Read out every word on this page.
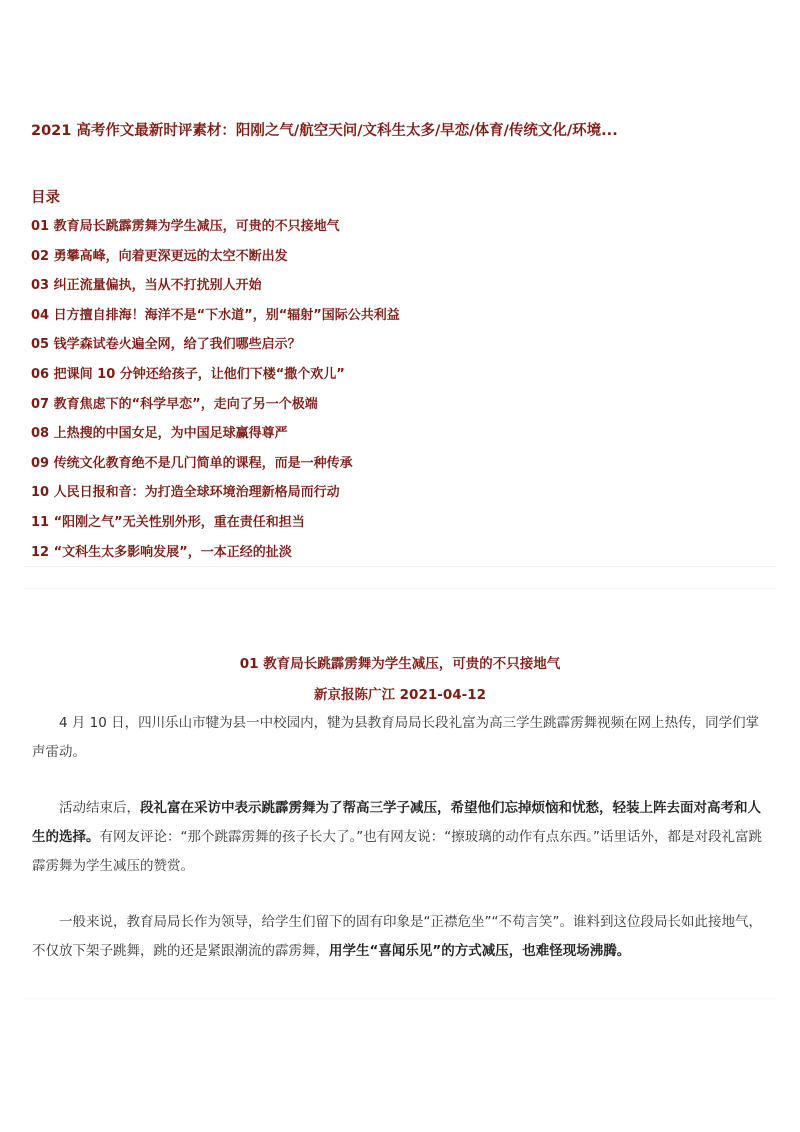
2021 高考作文最新时评素材：阳刚之气/航空天问/文科生太多/早恋/体育/传统文化/环境...
目录
01 教育局长跳霹雳舞为学生减压，可贵的不只接地气
02 勇攀高峰，向着更深更远的太空不断出发
03 纠正流量偏执，当从不打扰别人开始
04 日方擅自排海！海洋不是“下水道”，别“辐射”国际公共利益
05 钱学森试卷火遍全网，给了我们哪些启示？
06 把课间 10 分钟还给孩子，让他们下楼“撒个欢儿”
07 教育焦虑下的“科学早恋”，走向了另一个极端
08 上热搜的中国女足，为中国足球赢得尊严
09 传统文化教育绝不是几门简单的课程，而是一种传承
10 人民日报和音：为打造全球环境治理新格局而行动
11 “阳刚之气”无关性别外形，重在责任和担当
12 “文科生太多影响发展”，一本正经的扯淡
01 教育局长跳霹雳舞为学生减压，可贵的不只接地气
新京报陈广江 2021-04-12

4 月 10 日，四川乐山市犍为县一中校园内，犍为县教育局局长段礼富为高三学生跳霹雳舞视频在网上热传，同学们掌声雷动。

活动结束后，段礼富在采访中表示跳霹雳舞为了帮高三学子减压，希望他们忘掉烦恼和忧愁，轻装上阵去面对高考和人生的选择。有网友评论：“那个跳霹雳舞的孩子长大了。”也有网友说：“擦玻璃的动作有点东西。”话里话外，都是对段礼富跳霹雳舞为学生减压的赞赏。

一般来说，教育局局长作为领导，给学生们留下的固有印象是“正襟危坐”“不苟言笑”。谁料到这位段局长如此接地气，不仅放下架子跳舞，跳的还是紧跟潮流的霹雳舞，用学生“喜闻乐见”的方式减压，也难怪现场沸腾。
